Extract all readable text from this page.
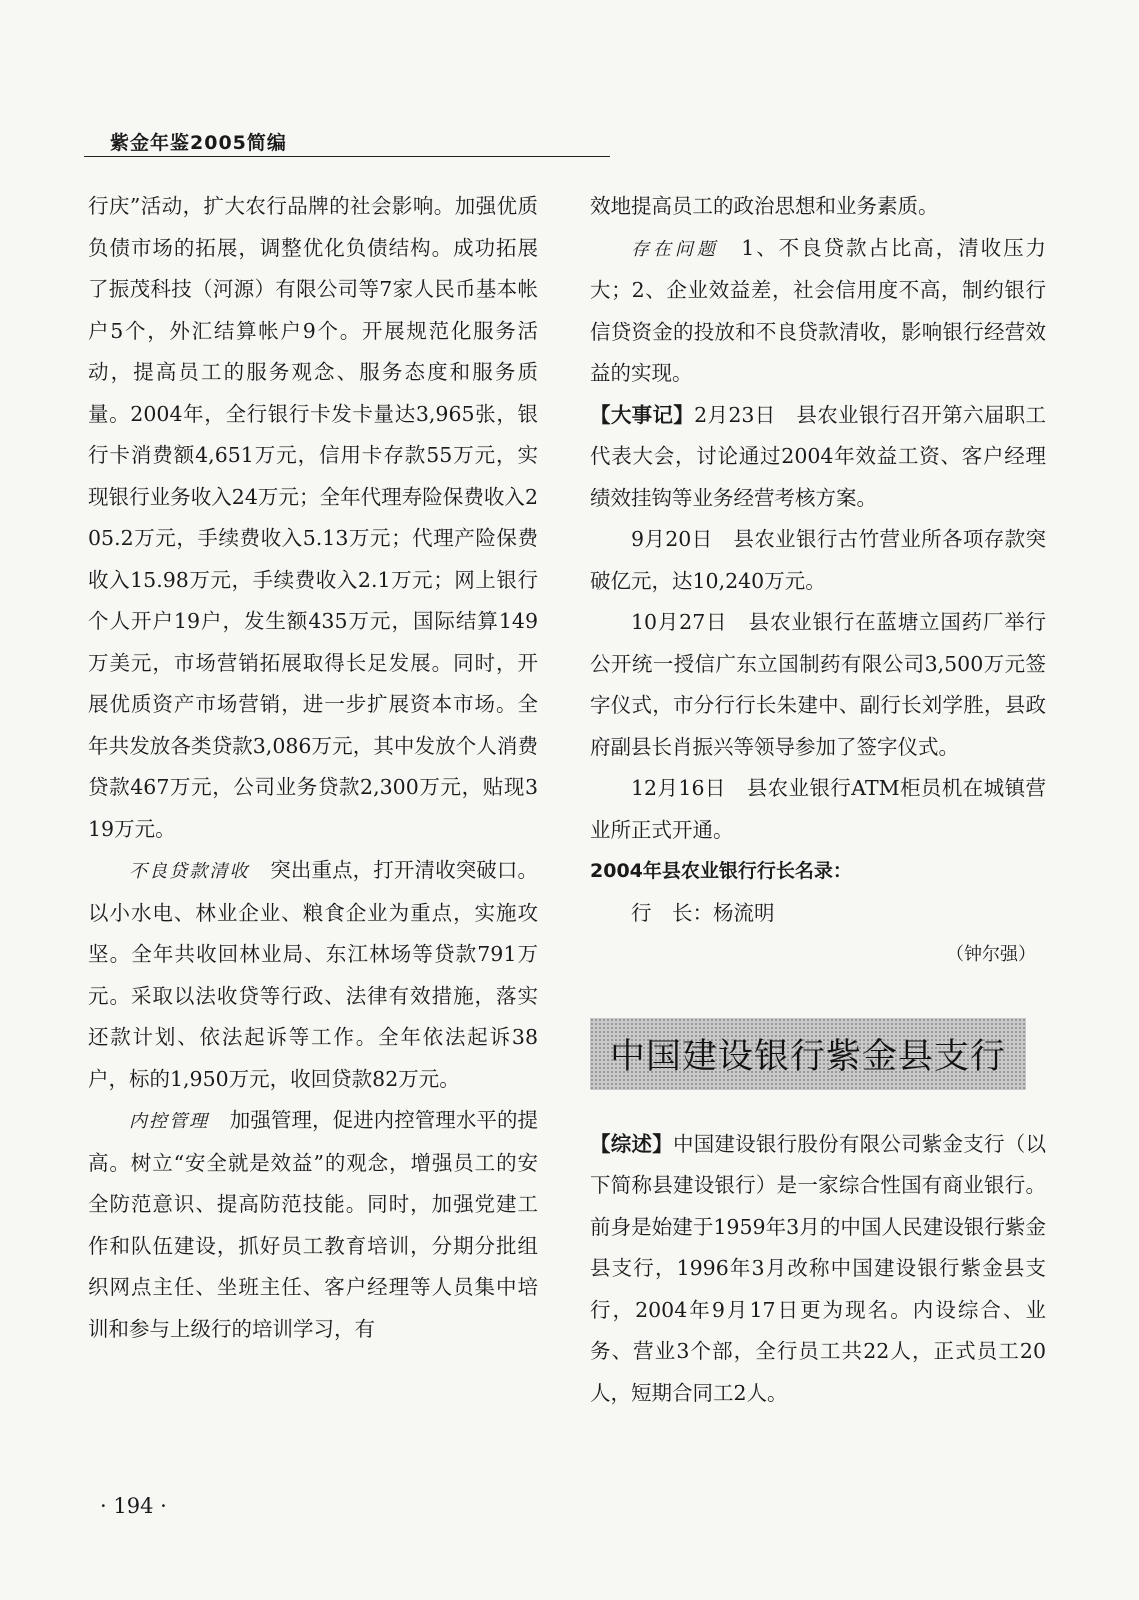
紫金年鉴2005简编

行庆”活动，扩大农行品牌的社会影响。加强优质负债市场的拓展，调整优化负债结构。成功拓展了振茂科技（河源）有限公司等7家人民币基本帐户5个，外汇结算帐户9个。开展规范化服务活动，提高员工的服务观念、服务态度和服务质量。2004年，全行银行卡发卡量达3,965张，银行卡消费额4,651万元，信用卡存款55万元，实现银行业务收入24万元；全年代理寿险保费收入205.2万元，手续费收入5.13万元；代理产险保费收入15.98万元，手续费收入2.1万元；网上银行个人开户19户，发生额435万元，国际结算149万美元，市场营销拓展取得长足发展。同时，开展优质资产市场营销，进一步扩展资本市场。全年共发放各类贷款3,086万元，其中发放个人消费贷款467万元，公司业务贷款2,300万元，贴现319万元。

不良贷款清收　 突出重点，打开清收突破口。以小水电、林业企业、粮食企业为重点，实施攻坚。全年共收回林业局、东江林场等贷款791万元。采取以法收贷等行政、法律有效措施，落实还款计划、依法起诉等工作。全年依法起诉38户，标的1,950万元，收回贷款82万元。

内控管理　 加强管理，促进内控管理水平的提高。树立“安全就是效益”的观念，增强员工的安全防范意识、提高防范技能。同时，加强党建工作和队伍建设，抓好员工教育培训，分期分批组织网点主任、坐班主任、客户经理等人员集中培训和参与上级行的培训学习，有

效地提高员工的政治思想和业务素质。

存在问题　 1、不良贷款占比高，清收压力大；2、企业效益差，社会信用度不高，制约银行信贷资金的投放和不良贷款清收，影响银行经营效益的实现。

【大事记】2月23日　县农业银行召开第六届职工代表大会，讨论通过2004年效益工资、客户经理绩效挂钩等业务经营考核方案。

9月20日　县农业银行古竹营业所各项存款突破亿元，达10,240万元。

10月27日　县农业银行在蓝塘立国药厂举行公开统一授信广东立国制药有限公司3,500万元签字仪式，市分行行长朱建中、副行长刘学胜，县政府副县长肖振兴等领导参加了签字仪式。

12月16日　县农业银行ATM柜员机在城镇营业所正式开通。

2004年县农业银行行长名录：

行　长：杨流明

（钟尔强）

中国建设银行紫金县支行

【综述】中国建设银行股份有限公司紫金支行（以下简称县建设银行）是一家综合性国有商业银行。前身是始建于1959年3月的中国人民建设银行紫金县支行，1996年3月改称中国建设银行紫金县支行，2004年9月17日更为现名。内设综合、业务、营业3个部，全行员工共22人，正式员工20人，短期合同工2人。

· 194 ·
